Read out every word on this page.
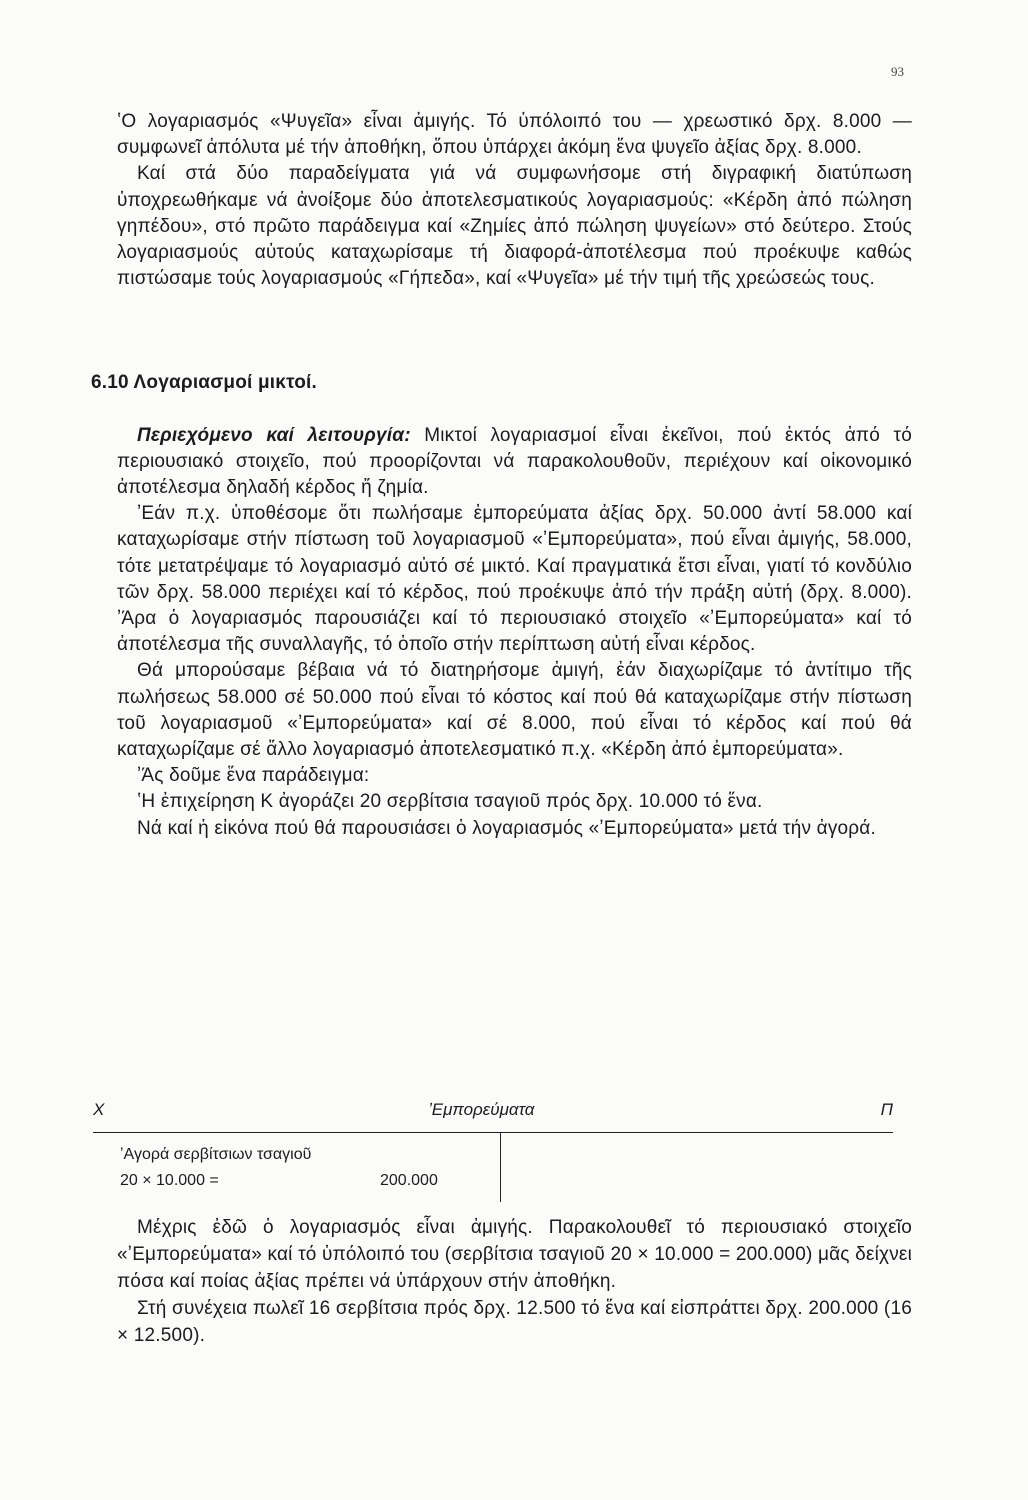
93

ʽΟ λογαριασμός «Ψυγεῖα» εἶναι ἀμιγής. Τό ὑπόλοιπό του — χρεωστικό δρχ. 8.000 — συμφωνεῖ ἀπόλυτα μέ τήν ἀποθήκη, ὅπου ὑπάρχει ἀκόμη ἕνα ψυγεῖο ἀξίας δρχ. 8.000.

Καί στά δύο παραδείγματα γιά νά συμφωνήσομε στή διγραφική διατύπωση ὑποχρεωθήκαμε νά ἀνοίξομε δύο ἀποτελεσματικούς λογαριασμούς: «Κέρδη ἀπό πώληση γηπέδου», στό πρῶτο παράδειγμα καί «Ζημίες ἀπό πώληση ψυγείων» στό δεύτερο. Στούς λογαριασμούς αὐτούς καταχωρίσαμε τή διαφορά-ἀποτέλεσμα πού προέκυψε καθώς πιστώσαμε τούς λογαριασμούς «Γήπεδα», καί «Ψυγεῖα» μέ τήν τιμή τῆς χρεώσεώς τους.

6.10 Λογαριασμοί μικτοί.

Περιεχόμενο καί λειτουργία: Μικτοί λογαριασμοί εἶναι ἐκεῖνοι, πού ἐκτός ἀπό τό περιουσιακό στοιχεῖο, πού προορίζονται νά παρακολουθοῦν, περιέχουν καί οἰκονομικό ἀποτέλεσμα δηλαδή κέρδος ἤ ζημία.

ʼΕάν π.χ. ὑποθέσομε ὅτι πωλήσαμε ἐμπορεύματα ἀξίας δρχ. 50.000 ἀντί 58.000 καί καταχωρίσαμε στήν πίστωση τοῦ λογαριασμοῦ «ʼΕμπορεύματα», πού εἶναι ἀμιγής, 58.000, τότε μετατρέψαμε τό λογαριασμό αὐτό σέ μικτό. Καί πραγματικά ἔτσι εἶναι, γιατί τό κονδύλιο τῶν δρχ. 58.000 περιέχει καί τό κέρδος, πού προέκυψε ἀπό τήν πράξη αὐτή (δρχ. 8.000). ʼΆρα ὁ λογαριασμός παρουσιάζει καί τό περιουσιακό στοιχεῖο «ʼΕμπορεύματα» καί τό ἀποτέλεσμα τῆς συναλλαγῆς, τό ὁποῖο στήν περίπτωση αὐτή εἶναι κέρδος.

Θά μπορούσαμε βέβαια νά τό διατηρήσομε ἀμιγή, ἐάν διαχωρίζαμε τό ἀντίτιμο τῆς πωλήσεως 58.000 σέ 50.000 πού εἶναι τό κόστος καί πού θά καταχωρίζαμε στήν πίστωση τοῦ λογαριασμοῦ «ʼΕμπορεύματα» καί σέ 8.000, πού εἶναι τό κέρδος καί πού θά καταχωρίζαμε σέ ἄλλο λογαριασμό ἀποτελεσματικό π.χ. «Κέρδη ἀπό ἐμπορεύματα».

ʼΆς δοῦμε ἕνα παράδειγμα:

ʽΗ ἐπιχείρηση Κ ἀγοράζει 20 σερβίτσια τσαγιοῦ πρός δρχ. 10.000 τό ἕνα.

Νά καί ἡ εἰκόνα πού θά παρουσιάσει ὁ λογαριασμός «ʼΕμπορεύματα» μετά τήν ἀγορά.

Χ	ʼΕμπορεύματα	Π
ʼΑγορά σερβίτσιων τσαγιοῦ
20 × 10.000 =	200.000

Μέχρις ἐδῶ ὁ λογαριασμός εἶναι ἀμιγής. Παρακολουθεῖ τό περιουσιακό στοιχεῖο «ʼΕμπορεύματα» καί τό ὑπόλοιπό του (σερβίτσια τσαγιοῦ 20 × 10.000 = 200.000) μᾶς δείχνει πόσα καί ποίας ἀξίας πρέπει νά ὑπάρχουν στήν ἀποθήκη.

Στή συνέχεια πωλεῖ 16 σερβίτσια πρός δρχ. 12.500 τό ἕνα καί εἰσπράττει δρχ. 200.000 (16 × 12.500).
